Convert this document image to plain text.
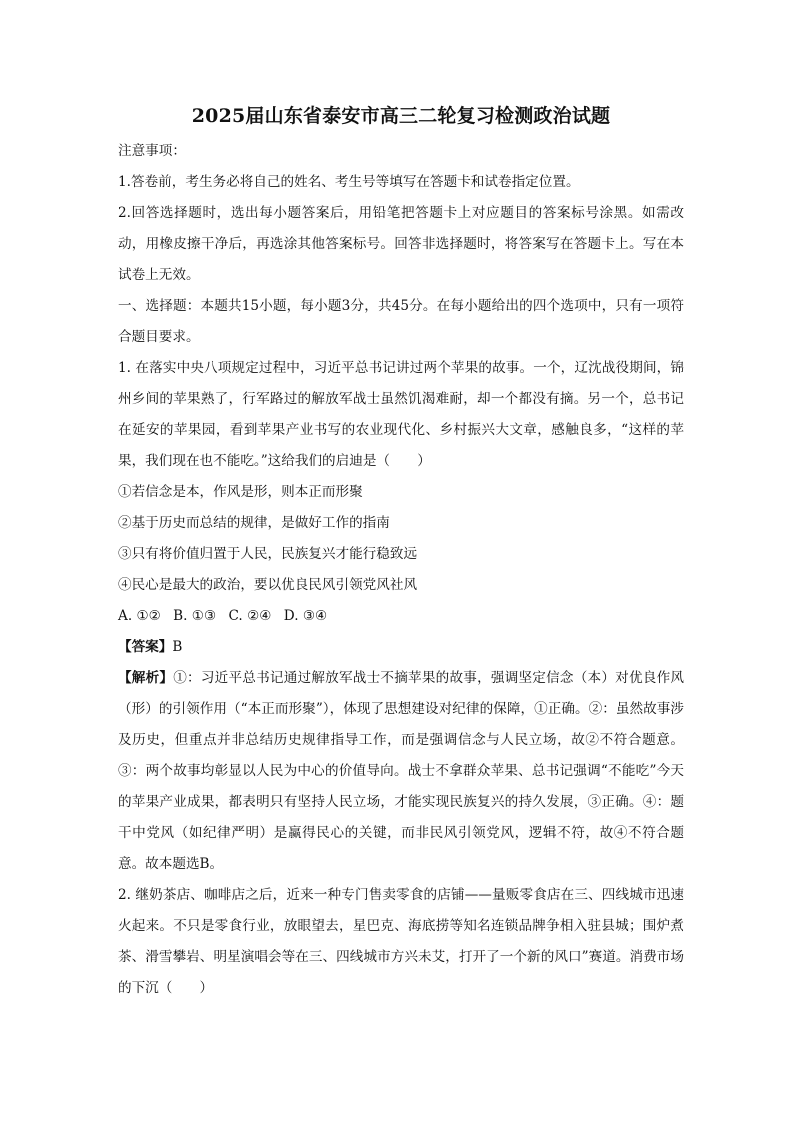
2025届山东省泰安市高三二轮复习检测政治试题

注意事项：

1.答卷前，考生务必将自己的姓名、考生号等填写在答题卡和试卷指定位置。

2.回答选择题时，选出每小题答案后，用铅笔把答题卡上对应题目的答案标号涂黑。如需改动，用橡皮擦干净后，再选涂其他答案标号。回答非选择题时，将答案写在答题卡上。写在本试卷上无效。

一、选择题：本题共15小题，每小题3分，共45分。在每小题给出的四个选项中，只有一项符合题目要求。

1. 在落实中央八项规定过程中，习近平总书记讲过两个苹果的故事。一个，辽沈战役期间，锦州乡间的苹果熟了，行军路过的解放军战士虽然饥渴难耐，却一个都没有摘。另一个，总书记在延安的苹果园，看到苹果产业书写的农业现代化、乡村振兴大文章，感触良多，“这样的苹果，我们现在也不能吃。”这给我们的启迪是（　　）

①若信念是本，作风是形，则本正而形聚

②基于历史而总结的规律，是做好工作的指南

③只有将价值归置于人民，民族复兴才能行稳致远

④民心是最大的政治，要以优良民风引领党风社风

A. ①② B. ①③ C. ②④ D. ③④

【答案】B

【解析】①：习近平总书记通过解放军战士不摘苹果的故事，强调坚定信念（本）对优良作风（形）的引领作用（“本正而形聚”），体现了思想建设对纪律的保障，①正确。②：虽然故事涉及历史，但重点并非总结历史规律指导工作，而是强调信念与人民立场，故②不符合题意。③：两个故事均彰显以人民为中心的价值导向。战士不拿群众苹果、总书记强调“不能吃”今天的苹果产业成果，都表明只有坚持人民立场，才能实现民族复兴的持久发展，③正确。④：题干中党风（如纪律严明）是赢得民心的关键，而非民风引领党风，逻辑不符，故④不符合题意。故本题选B。

2. 继奶茶店、咖啡店之后，近来一种专门售卖零食的店铺——量贩零食店在三、四线城市迅速火起来。不只是零食行业，放眼望去，星巴克、海底捞等知名连锁品牌争相入驻县城；围炉煮茶、滑雪攀岩、明星演唱会等在三、四线城市方兴未艾，打开了一个新的风口”赛道。消费市场的下沉（　　）
